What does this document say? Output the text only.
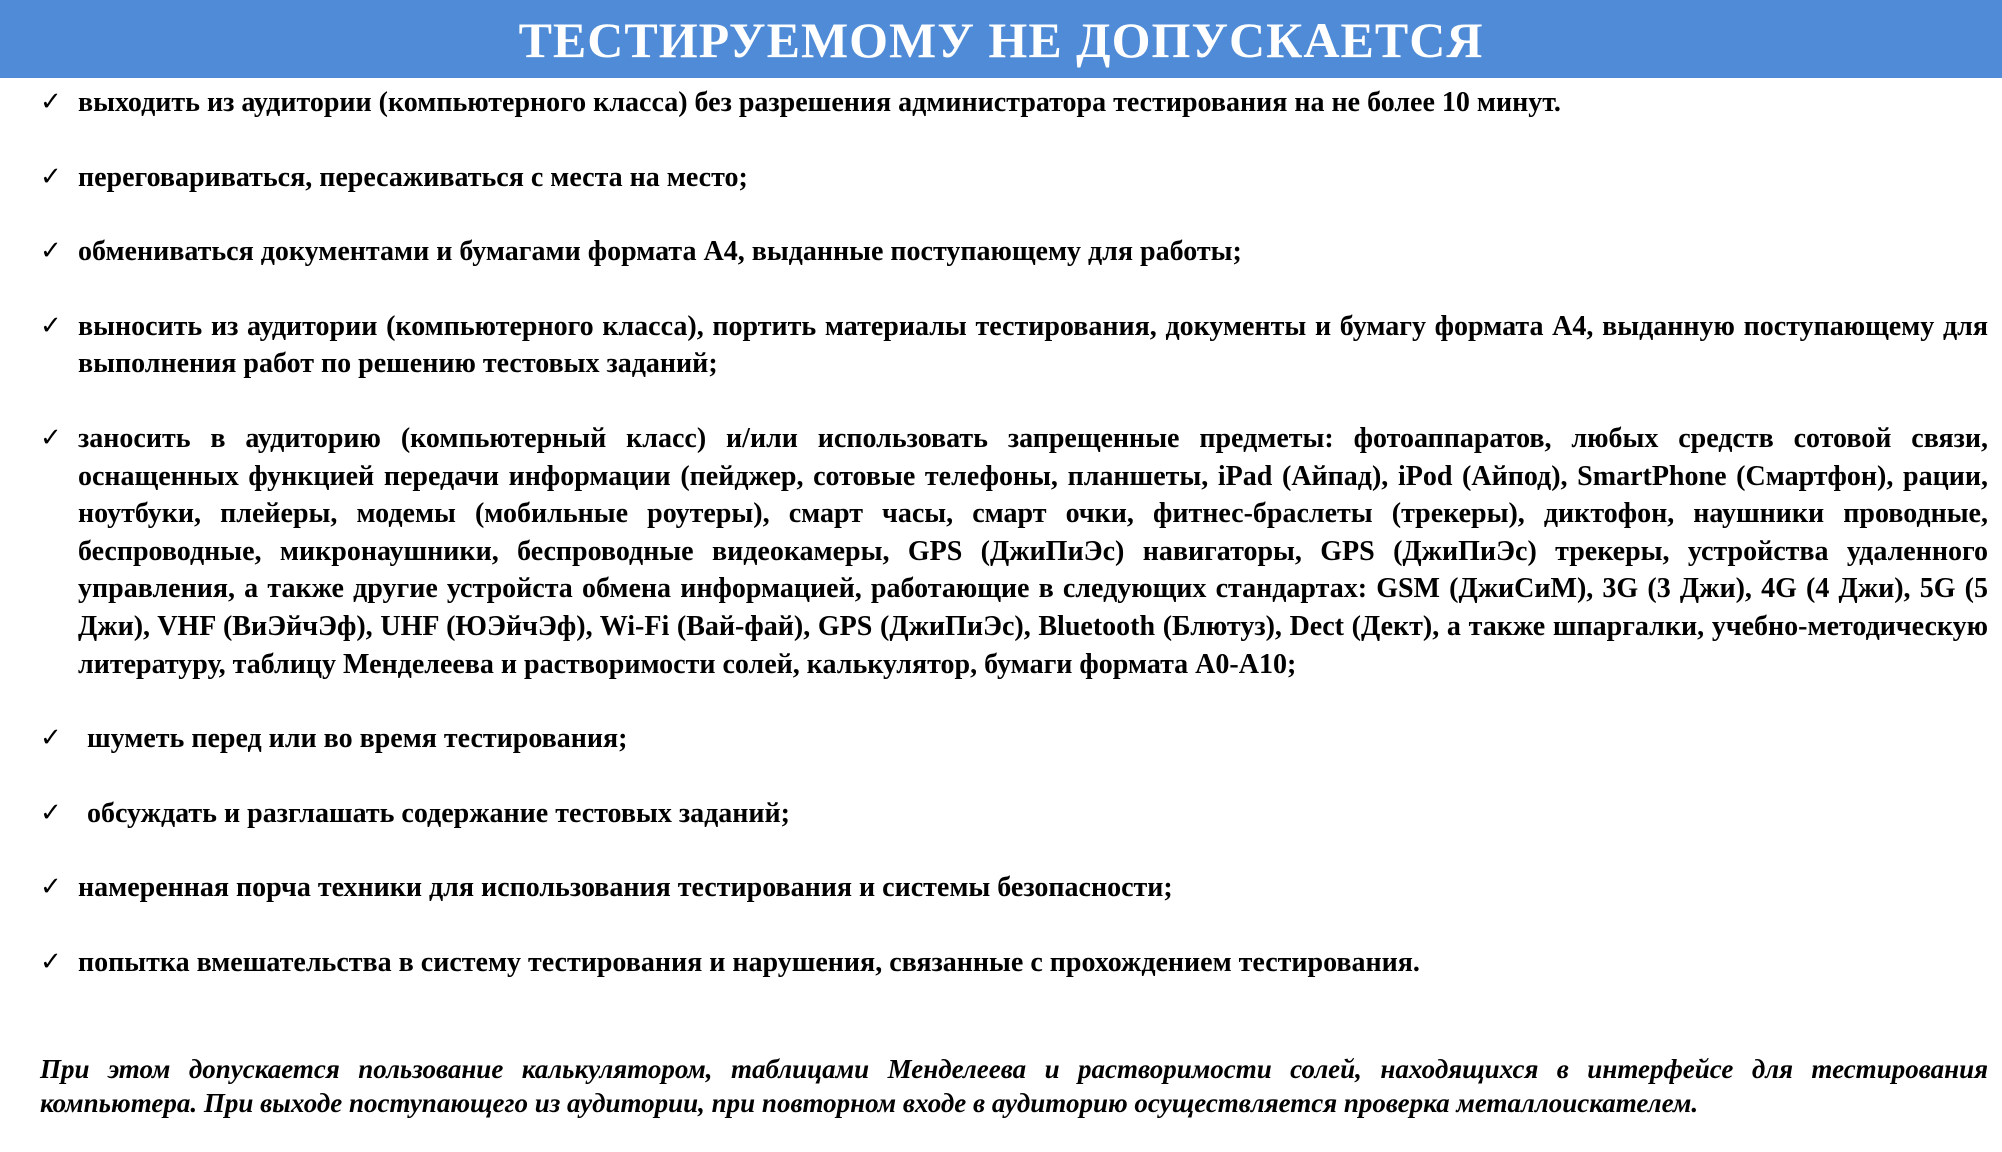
ТЕСТИРУЕМОМУ НЕ ДОПУСКАЕТСЯ
✓ выходить из аудитории (компьютерного класса) без разрешения администратора тестирования на не более 10 минут.
✓ переговариваться, пересаживаться с места на место;
✓ обмениваться документами и бумагами формата А4, выданные поступающему для работы;
✓ выносить из аудитории (компьютерного класса), портить материалы тестирования, документы и бумагу формата А4, выданную поступающему для выполнения работ по решению тестовых заданий;
✓ заносить в аудиторию (компьютерный класс) и/или использовать запрещенные предметы: фотоаппаратов, любых средств сотовой связи, оснащенных функцией передачи информации (пейджер, сотовые телефоны, планшеты, iPad (Айпад), iPod (Айпод), SmartPhone (Смартфон), рации, ноутбуки, плейеры, модемы (мобильные роутеры), смарт часы, смарт очки, фитнес-браслеты (трекеры), диктофон, наушники проводные, беспроводные, микронаушники, беспроводные видеокамеры, GPS (ДжиПиЭс) навигаторы, GPS (ДжиПиЭс) трекеры, устройства удаленного управления, а также другие устройста обмена информацией, работающие в следующих стандартах: GSM (ДжиСиМ), 3G (3 Джи), 4G (4 Джи), 5G (5 Джи), VHF (ВиЭйчЭф), UHF (ЮЭйчЭф), Wi-Fi (Вай-фай), GPS (ДжиПиЭс), Bluetooth (Блютуз), Dect (Дект), а также шпаргалки, учебно-методическую литературу, таблицу Менделеева и растворимости солей, калькулятор, бумаги формата А0-А10;
✓ шуметь перед или во время тестирования;
✓ обсуждать и разглашать содержание тестовых заданий;
✓ намеренная порча техники для использования тестирования и системы безопасности;
✓ попытка вмешательства в систему тестирования и нарушения, связанные с прохождением тестирования.

При этом допускается пользование калькулятором, таблицами Менделеева и растворимости солей, находящихся в интерфейсе для тестирования компьютера. При выходе поступающего из аудитории, при повторном входе в аудиторию осуществляется проверка металлоискателем.
